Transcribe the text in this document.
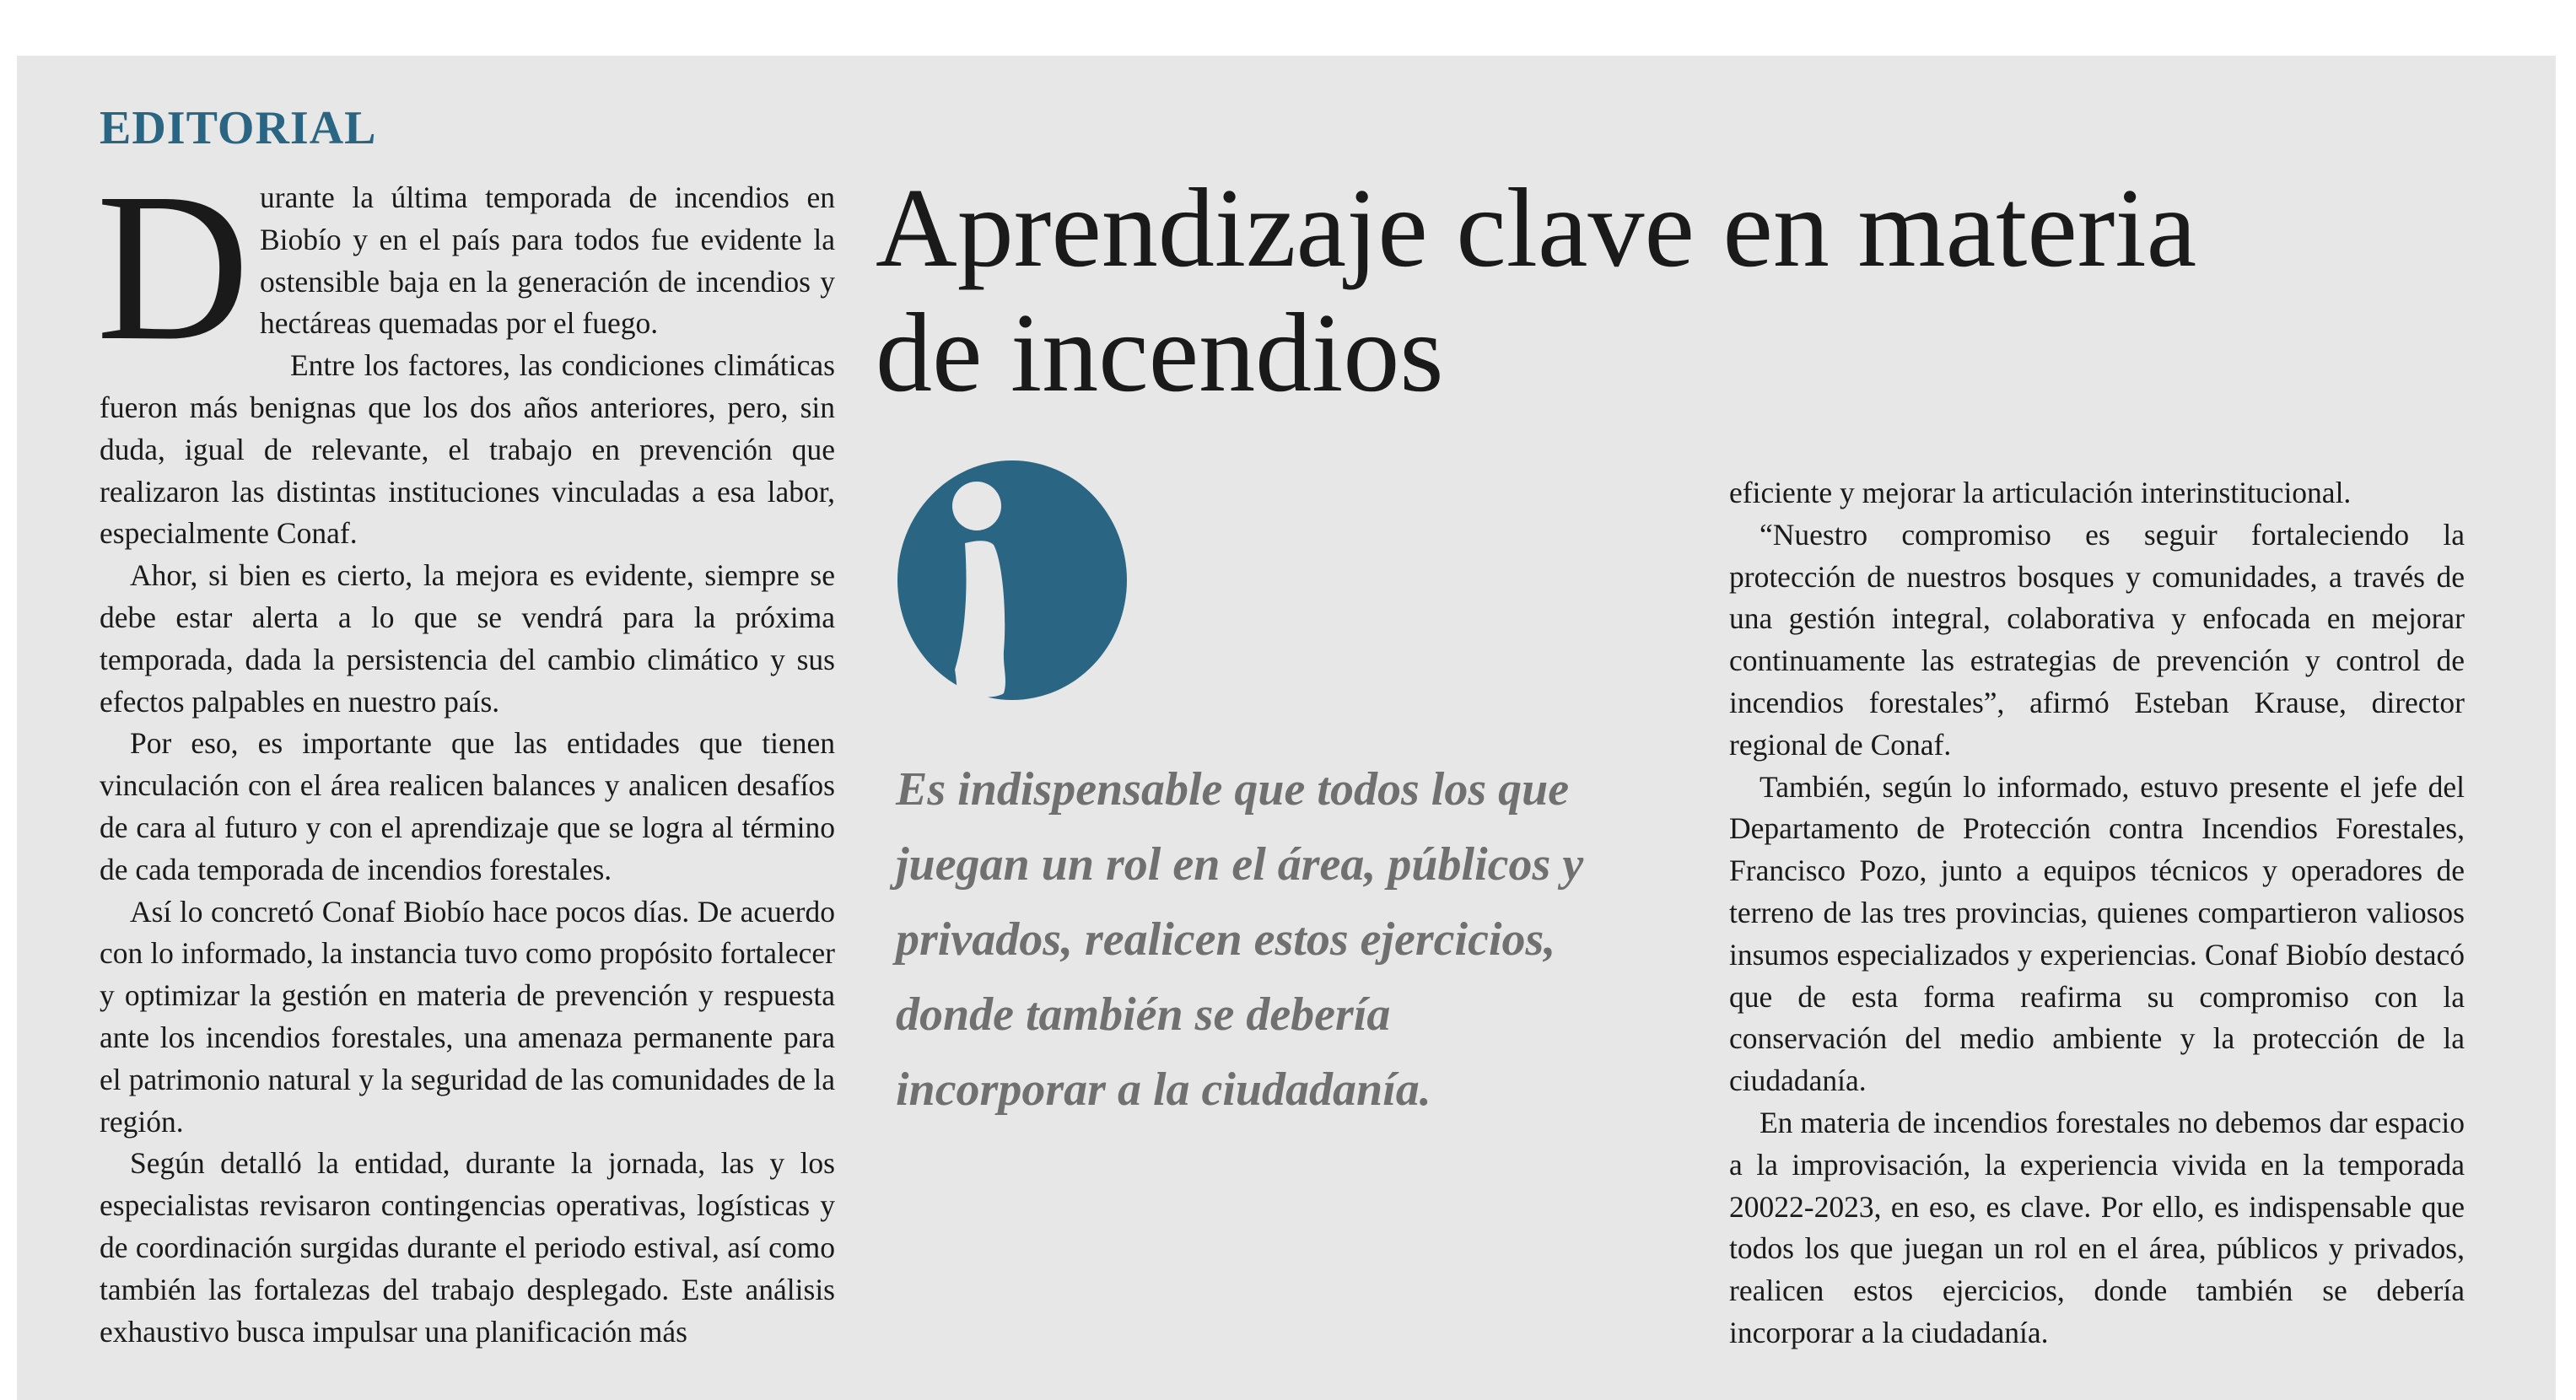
EDITORIAL

Durante la última temporada de incendios en Biobío y en el país para todos fue evidente la ostensible baja en la generación de incendios y hectáreas quemadas por el fuego.

Entre los factores, las condiciones climáticas fueron más benignas que los dos años anteriores, pero, sin duda, igual de relevante, el trabajo en prevención que realizaron las distintas instituciones vinculadas a esa labor, especialmente Conaf.

Ahor, si bien es cierto, la mejora es evidente, siempre se debe estar alerta a lo que se vendrá para la próxima temporada, dada la persistencia del cambio climático y sus efectos palpables en nuestro país.

Por eso, es importante que las entidades que tienen vinculación con el área realicen balances y analicen desafíos de cara al futuro y con el aprendizaje que se logra al término de cada temporada de incendios forestales.

Así lo concretó Conaf Biobío hace pocos días. De acuerdo con lo informado, la instancia tuvo como propósito fortalecer y optimizar la gestión en materia de prevención y respuesta ante los incendios forestales, una amenaza permanente para el patrimonio natural y la seguridad de las comunidades de la región.

Según detalló la entidad, durante la jornada, las y los especialistas revisaron contingencias operativas, logísticas y de coordinación surgidas durante el periodo estival, así como también las fortalezas del trabajo desplegado. Este análisis exhaustivo busca impulsar una planificación más

Aprendizaje clave en materia
de incendios

Es indispensable que todos los que
juegan un rol en el área, públicos y
privados, realicen estos ejercicios,
donde también se debería
incorporar a la ciudadanía.

eficiente y mejorar la articulación interinstitucional.

“Nuestro compromiso es seguir fortaleciendo la protección de nuestros bosques y comunidades, a través de una gestión integral, colaborativa y enfocada en mejorar continuamente las estrategias de prevención y control de incendios forestales”, afirmó Esteban Krause, director regional de Conaf.

También, según lo informado, estuvo presente el jefe del Departamento de Protección contra Incendios Forestales, Francisco Pozo, junto a equipos técnicos y operadores de terreno de las tres provincias, quienes compartieron valiosos insumos especializados y experiencias. Conaf Biobío destacó que de esta forma reafirma su compromiso con la conservación del medio ambiente y la protección de la ciudadanía.

En materia de incendios forestales no debemos dar espacio a la improvisación, la experiencia vivida en la temporada 20022-2023, en eso, es clave. Por ello, es indispensable que todos los que juegan un rol en el área, públicos y privados, realicen estos ejercicios, donde también se debería incorporar a la ciudadanía.
